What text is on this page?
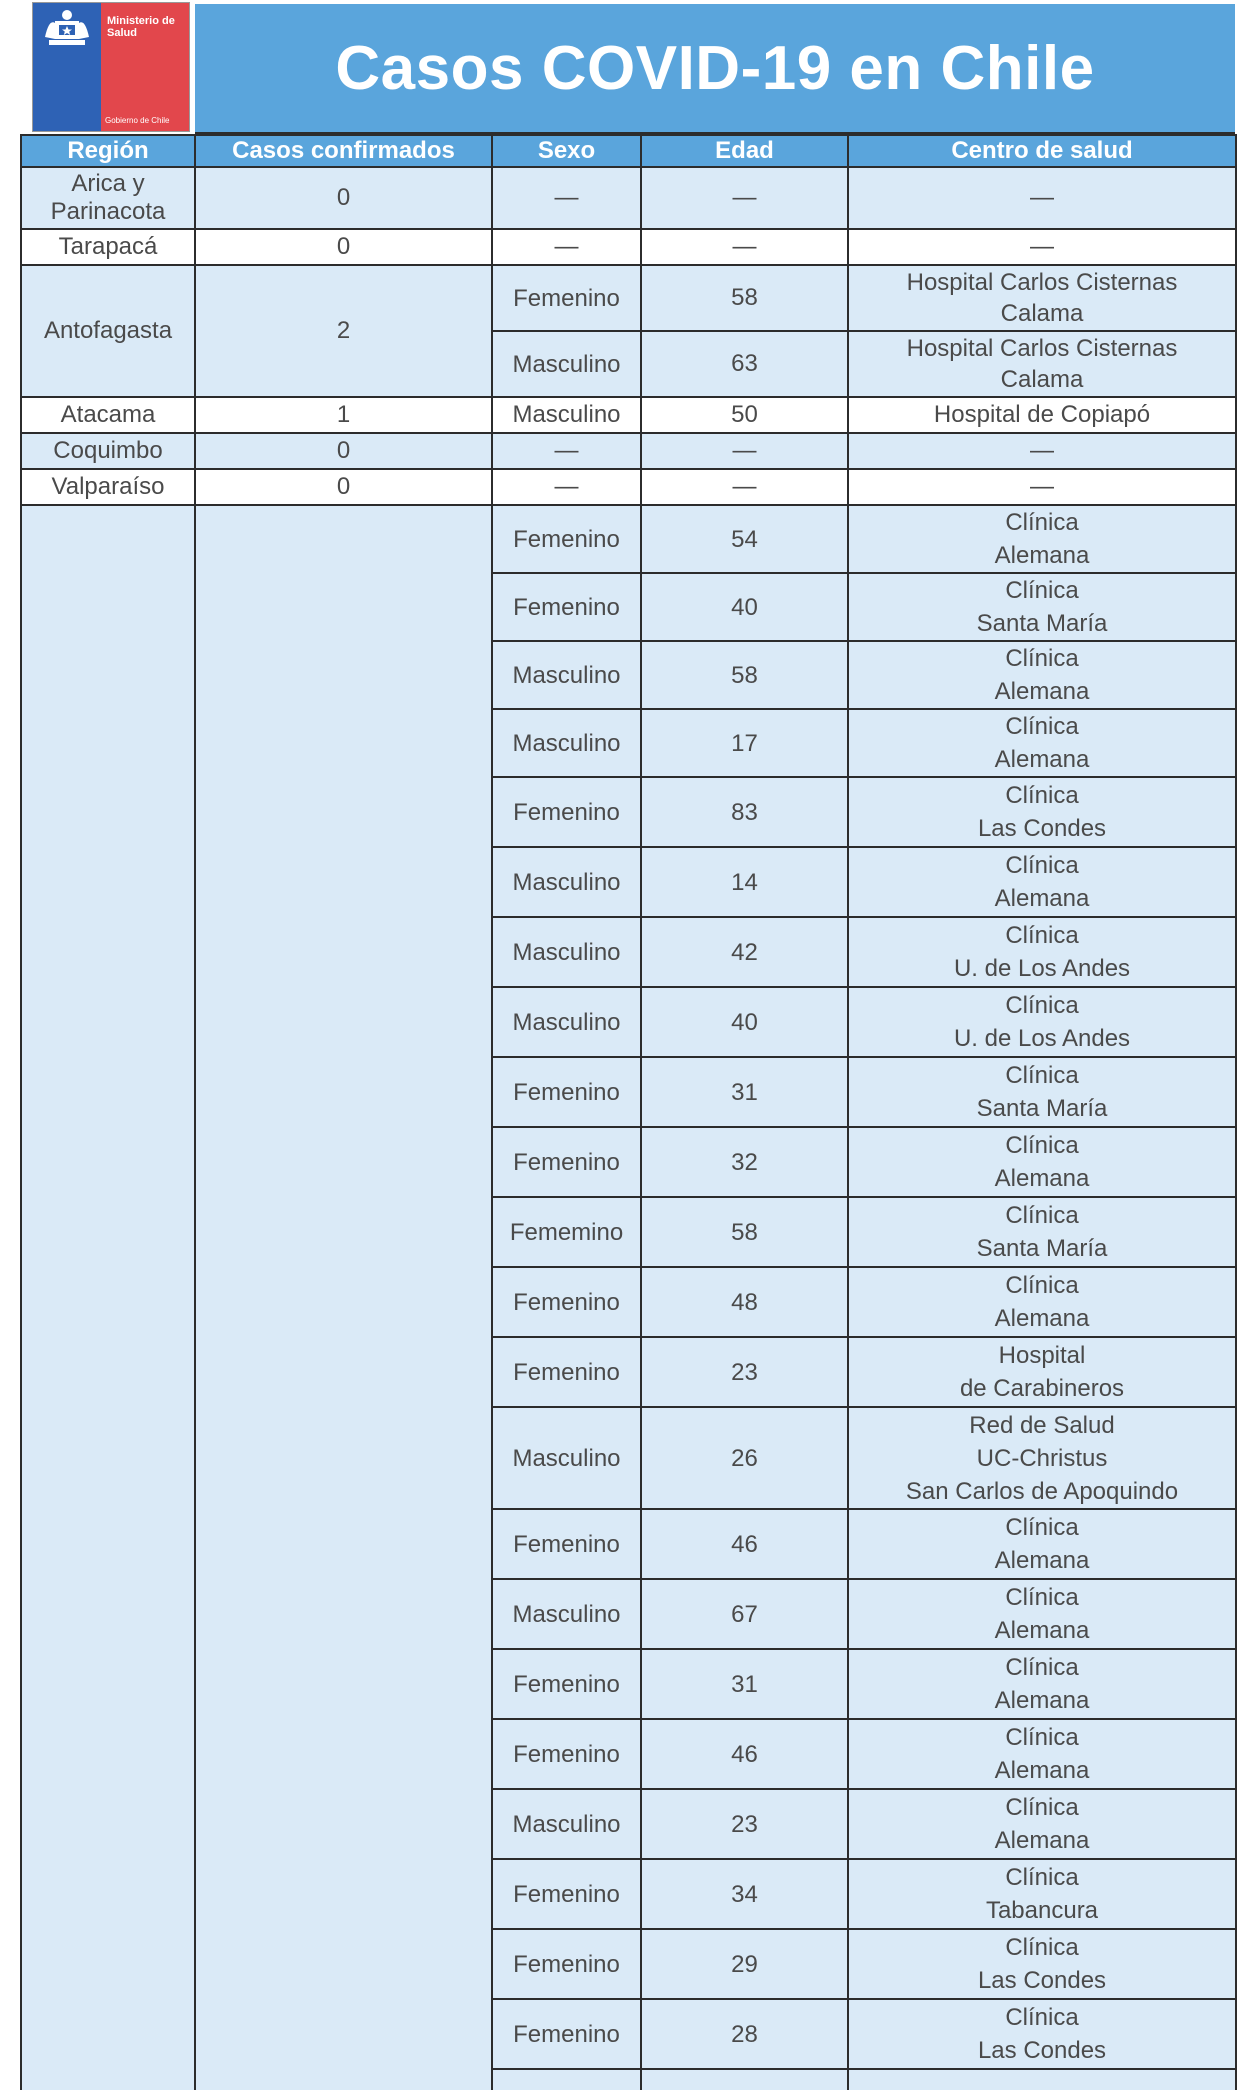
Ministerio de
Salud
Gobierno de Chile
Casos COVID-19 en Chile
Región	Casos confirmados	Sexo	Edad	Centro de salud
Arica y
Parinacota	0	—	—	—
Tarapacá	0	—	—	—
Antofagasta	2	Femenino	58	Hospital Carlos Cisternas
Calama
		Masculino	63	Hospital Carlos Cisternas
Calama
Atacama	1	Masculino	50	Hospital de Copiapó
Coquimbo	0	—	—	—
Valparaíso	0	—	—	—
		Femenino	54	Clínica
Alemana
		Femenino	40	Clínica
Santa María
		Masculino	58	Clínica
Alemana
		Masculino	17	Clínica
Alemana
		Femenino	83	Clínica
Las Condes
		Masculino	14	Clínica
Alemana
		Masculino	42	Clínica
U. de Los Andes
		Masculino	40	Clínica
U. de Los Andes
		Femenino	31	Clínica
Santa María
		Femenino	32	Clínica
Alemana
		Fememino	58	Clínica
Santa María
		Femenino	48	Clínica
Alemana
		Femenino	23	Hospital
de Carabineros
		Masculino	26	Red de Salud
UC-Christus
San Carlos de Apoquindo
		Femenino	46	Clínica
Alemana
		Masculino	67	Clínica
Alemana
		Femenino	31	Clínica
Alemana
		Femenino	46	Clínica
Alemana
		Masculino	23	Clínica
Alemana
		Femenino	34	Clínica
Tabancura
		Femenino	29	Clínica
Las Condes
		Femenino	28	Clínica
Las Condes
